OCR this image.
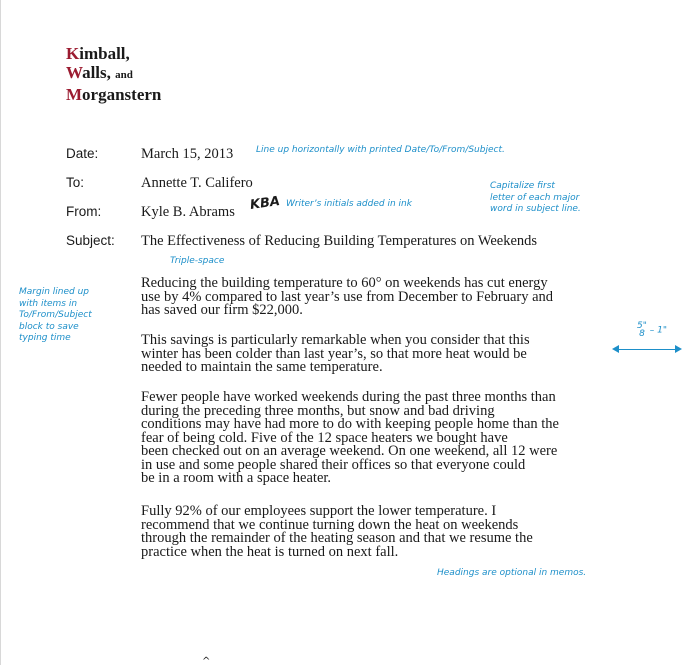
Kimball,
Walls, and
Morganstern
Date:	March 15, 2013	Line up horizontally with printed Date/To/From/Subject.
To:	Annette T. Califero	Capitalize first
letter of each major
word in subject line.
From:	Kyle B. Abrams KBA Writer’s initials added in ink
Subject: The Effectiveness of Reducing Building Temperatures on Weekends
Triple-space
Margin lined up
with items in
To/From/Subject
block to save
typing time
Reducing the building temperature to 60° on weekends has cut energy
use by 4% compared to last year’s use from December to February and
has saved our firm $22,000.
This savings is particularly remarkable when you consider that this
winter has been colder than last year’s, so that more heat would be
needed to maintain the same temperature.
5"
8 – 1"
Fewer people have worked weekends during the past three months than
during the preceding three months, but snow and bad driving
conditions may have had more to do with keeping people home than the
fear of being cold. Five of the 12 space heaters we bought have
been checked out on an average weekend. On one weekend, all 12 were
in use and some people shared their offices so that everyone could
be in a room with a space heater.
Fully 92% of our employees support the lower temperature. I
recommend that we continue turning down the heat on weekends
through the remainder of the heating season and that we resume the
practice when the heat is turned on next fall.
Headings are optional in memos.
^
